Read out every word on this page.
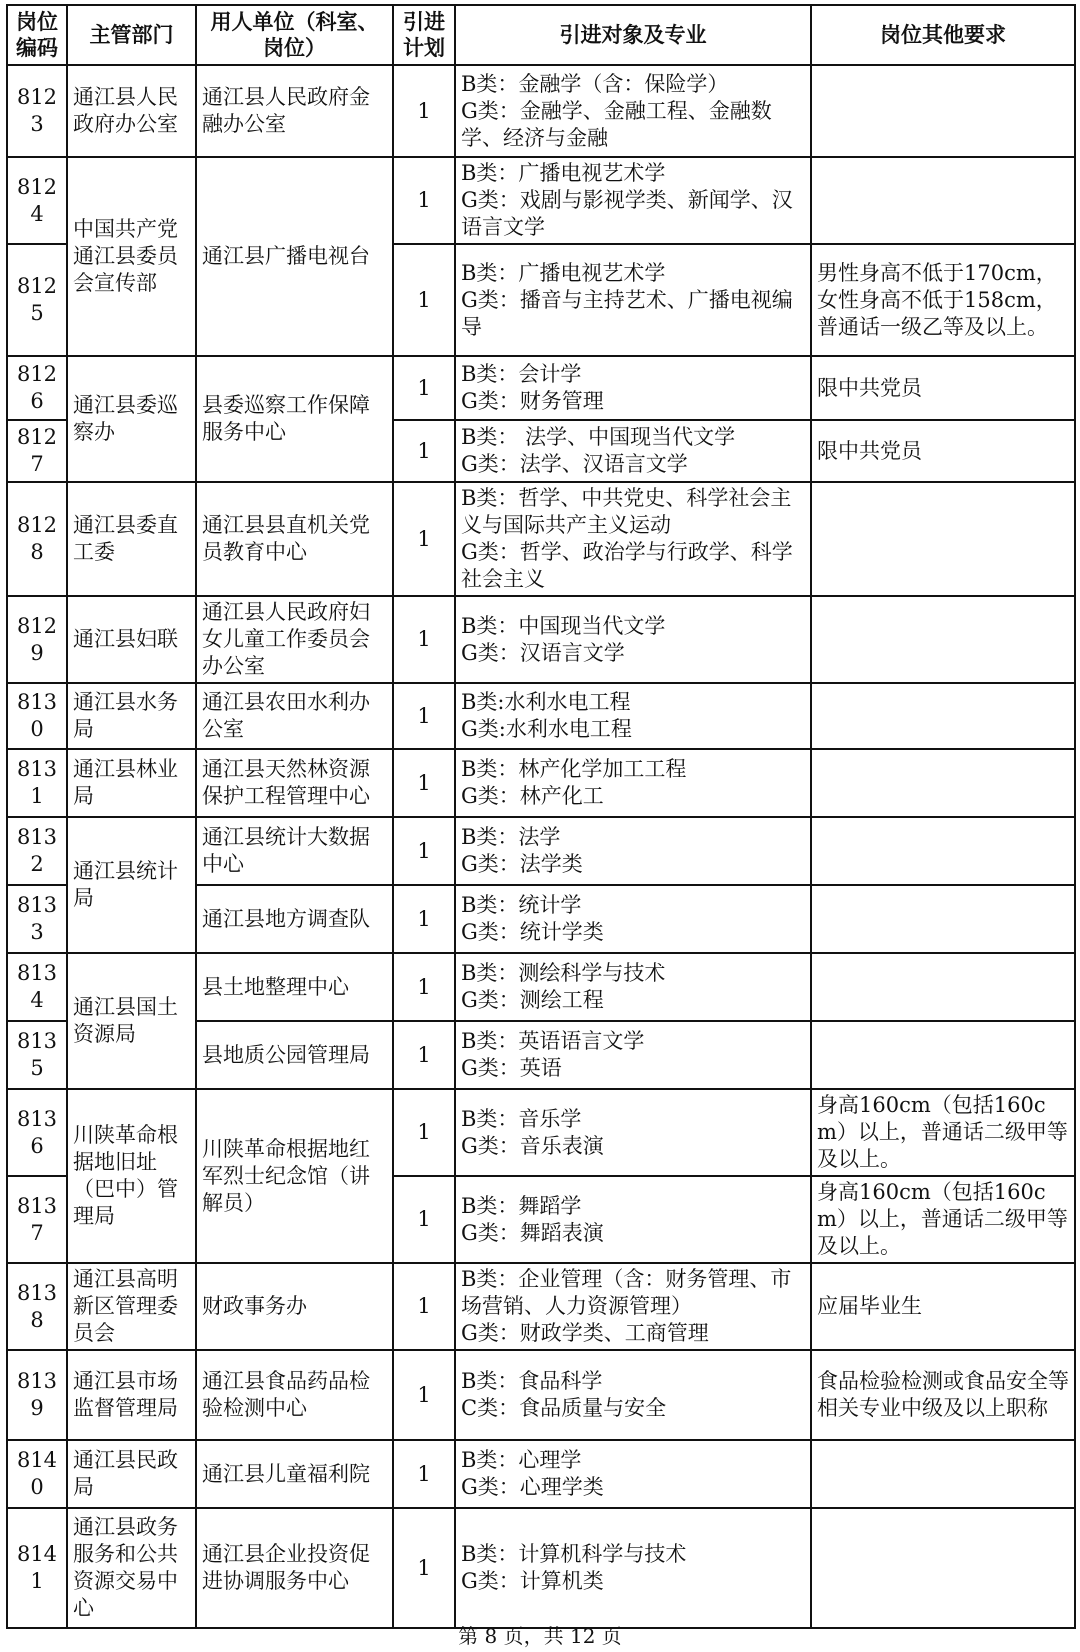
岗位编码	主管部门	用人单位（科室、岗位）	引进计划	引进对象及专业	岗位其他要求
8123	通江县人民政府办公室	通江县人民政府金融办公室	1	B类：金融学（含：保险学）
G类：金融学、金融工程、金融数学、经济与金融	

8124	中国共产党通江县委员会宣传部	通江县广播电视台	1	B类：广播电视艺术学
G类：戏剧与影视学类、新闻学、汉语言文学	

8125			1	B类：广播电视艺术学
G类：播音与主持艺术、广播电视编导	男性身高不低于170cm，女性身高不低于158cm，普通话一级乙等及以上。
8126	通江县委巡察办	县委巡察工作保障服务中心	1	B类：会计学
G类：财务管理	限中共党员
8127			1	B类： 法学、中国现当代文学
G类：法学、汉语言文学	限中共党员
8128	通江县委直工委	通江县县直机关党员教育中心	1	B类：哲学、中共党史、科学社会主义与国际共产主义运动
G类：哲学、政治学与行政学、科学社会主义	

8129	通江县妇联	通江县人民政府妇女儿童工作委员会办公室	1	B类：中国现当代文学
G类：汉语言文学	

8130	通江县水务局	通江县农田水利办公室	1	B类:水利水电工程
G类:水利水电工程	

8131	通江县林业局	通江县天然林资源保护工程管理中心	1	B类：林产化学加工工程
G类：林产化工	

8132	通江县统计局	通江县统计大数据中心	1	B类：法学
G类：法学类	

8133		通江县地方调查队	1	B类：统计学
G类：统计学类	

8134	通江县国土资源局	县土地整理中心	1	B类：测绘科学与技术
G类：测绘工程	

8135		县地质公园管理局	1	B类：英语语言文学
G类：英语	

8136	川陕革命根据地旧址（巴中）管理局	川陕革命根据地红军烈士纪念馆（讲解员）	1	B类：音乐学
G类：音乐表演	身高160cm（包括160cm）以上，普通话二级甲等及以上。
8137			1	B类：舞蹈学
G类：舞蹈表演	身高160cm（包括160cm）以上，普通话二级甲等及以上。
8138	通江县高明新区管理委员会	财政事务办	1	B类：企业管理（含：财务管理、市场营销、人力资源管理）
G类：财政学类、工商管理	应届毕业生
8139	通江县市场监督管理局	通江县食品药品检验检测中心	1	B类：食品科学
C类：食品质量与安全	食品检验检测或食品安全等相关专业中级及以上职称
8140	通江县民政局	通江县儿童福利院	1	B类：心理学
G类：心理学类	

8141	通江县政务服务和公共资源交易中心	通江县企业投资促进协调服务中心	1	B类：计算机科学与技术
G类：计算机类	

第 8 页，共 12 页
